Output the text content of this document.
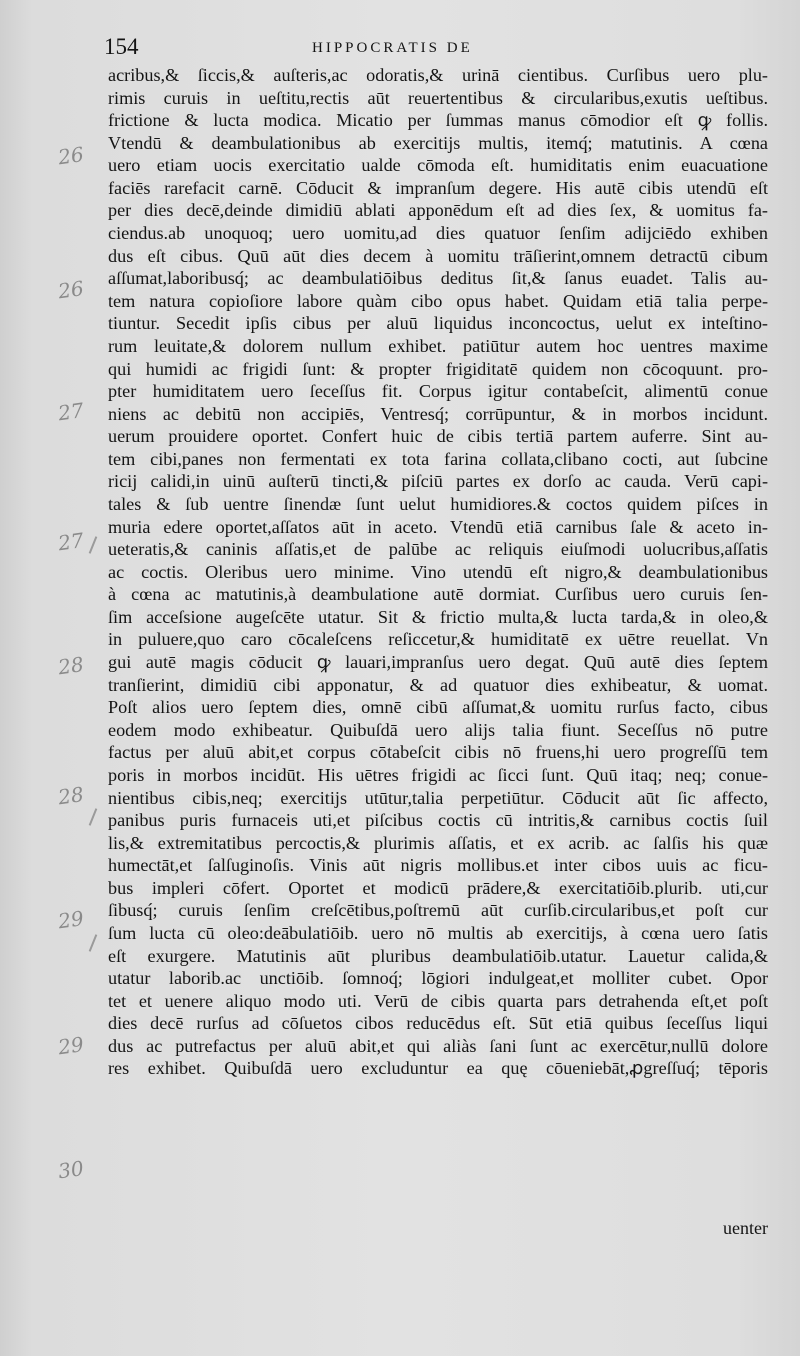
154	HIPPOCRATIS DE
26
26
27
27
28
28
29
29
30
acribus,& ſiccis,& auſteris,ac odoratis,& urinā cientibus. Curſibus uero plu-
rimis curuis in ueſtitu,rectis aūt reuertentibus & circularibus,exutis ueſtibus.
frictione & lucta modica. Micatio per ſummas manus cōmodior eſt ꝙ follis.
Vtendū & deambulationibus ab exercitijs multis, itemq́; matutinis. A cœna
uero etiam uocis exercitatio ualde cōmoda eſt. humiditatis enim euacuatione
faciēs rarefacit carnē. Cōducit & impranſum degere. His autē cibis utendū eſt
per dies decē,deinde dimidiū ablati apponēdum eſt ad dies ſex, & uomitus fa-
ciendus.ab unoquoq; uero uomitu,ad dies quatuor ſenſim adijciēdo exhiben
dus eſt cibus. Quū aūt dies decem à uomitu trāſierint,omnem detractū cibum
aſſumat,laboribusq́; ac deambulatiōibus deditus ſit,& ſanus euadet. Talis au-
tem natura copioſiore labore quàm cibo opus habet. Quidam etiā talia perpe-
tiuntur. Secedit ipſis cibus per aluū liquidus inconcoctus, uelut ex inteſtino-
rum leuitate,& dolorem nullum exhibet. patiūtur autem hoc uentres maxime
qui humidi ac frigidi ſunt: & propter frigiditatē quidem non cōcoquunt. pro-
pter humiditatem uero ſeceſſus fit. Corpus igitur contabeſcit, alimentū conue
niens ac debitū non accipiēs, Ventresq́; corrūpuntur, & in morbos incidunt.
uerum prouidere oportet. Confert huic de cibis tertiā partem auferre. Sint au-
tem cibi,panes non fermentati ex tota farina collata,clibano cocti, aut ſubcine
ricij calidi,in uinū auſterū tincti,& piſciū partes ex dorſo ac cauda. Verū capi-
tales & ſub uentre ſinendæ ſunt uelut humidiores.& coctos quidem piſces in
muria edere oportet,aſſatos aūt in aceto. Vtendū etiā carnibus ſale & aceto in-
ueteratis,& caninis aſſatis,et de palūbe ac reliquis eiuſmodi uolucribus,aſſatis
ac coctis. Oleribus uero minime. Vino utendū eſt nigro,& deambulationibus
à cœna ac matutinis,à deambulatione autē dormiat. Curſibus uero curuis ſen-
ſim acceſsione augeſcēte utatur. Sit & frictio multa,& lucta tarda,& in oleo,&
in puluere,quo caro cōcaleſcens reſiccetur,& humiditatē ex uētre reuellat. Vn
gui autē magis cōducit ꝙ lauari,impranſus uero degat. Quū autē dies ſeptem
tranſierint, dimidiū cibi apponatur, & ad quatuor dies exhibeatur, & uomat.
Poſt alios uero ſeptem dies, omnē cibū aſſumat,& uomitu rurſus facto, cibus
eodem modo exhibeatur. Quibuſdā uero alijs talia fiunt. Seceſſus nō putre
factus per aluū abit,et corpus cōtabeſcit cibis nō fruens,hi uero progreſſū tem
poris in morbos incidūt. His uētres frigidi ac ſicci ſunt. Quū itaq; neq; conue-
nientibus cibis,neq; exercitijs utūtur,talia perpetiūtur. Cōducit aūt ſic affecto,
panibus puris furnaceis uti,et piſcibus coctis cū intritis,& carnibus coctis ſuil
lis,& extremitatibus percoctis,& plurimis aſſatis, et ex acrib. ac ſalſis his quæ
humectāt,et ſalſuginoſis. Vinis aūt nigris mollibus.et inter cibos uuis ac ficu-
bus impleri cōfert. Oportet et modicū prādere,& exercitatiōib.plurib. uti,cur
ſibusq́; curuis ſenſim creſcētibus,poſtremū aūt curſib.circularibus,et poſt cur
ſum lucta cū oleo:deābulatiōib. uero nō multis ab exercitijs, à cœna uero ſatis
eſt exurgere. Matutinis aūt pluribus deambulatiōib.utatur. Lauetur calida,&
utatur laborib.ac unctiōib. ſomnoq́; lōgiori indulgeat,et molliter cubet. Opor
tet et uenere aliquo modo uti. Verū de cibis quarta pars detrahenda eſt,et poſt
dies decē rurſus ad cōſuetos cibos reducēdus eſt. Sūt etiā quibus ſeceſſus liqui
dus ac putrefactus per aluū abit,et qui aliàs ſani ſunt ac exercētur,nullū dolore
res exhibet. Quibuſdā uero excluduntur ea quę cōueniebāt,ꝓgreſſuq́; tēporis
uenter
